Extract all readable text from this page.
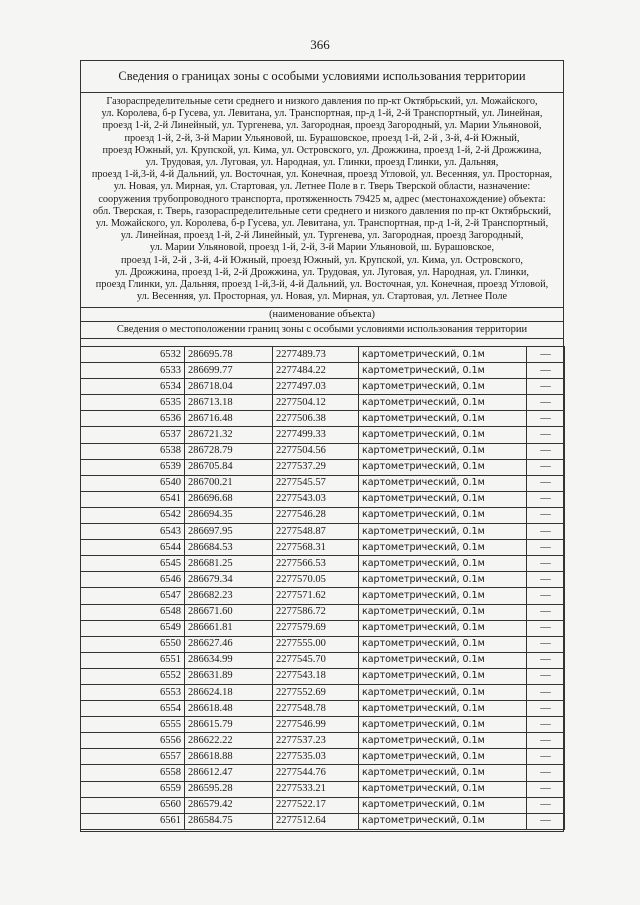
366
Сведения о границах зоны с особыми условиями использования территории
Газораспределительные сети среднего и низкого давления по пр-кт Октябрьский, ул. Можайского,
ул. Королева, б-р Гусева, ул. Левитана, ул. Транспортная, пр-д 1-й, 2-й Транспортный, ул. Линейная,
проезд 1-й, 2-й Линейный, ул. Тургенева, ул. Загородная, проезд Загородный, ул. Марии Ульяновой,
проезд 1-й, 2-й, 3-й Марии Ульяновой, ш. Бурашовское, проезд 1-й, 2-й , 3-й, 4-й Южный,
проезд Южный, ул. Крупской, ул. Кима, ул. Островского, ул. Дрожжина, проезд 1-й, 2-й Дрожжина,
ул. Трудовая, ул. Луговая, ул. Народная, ул. Глинки, проезд Глинки, ул. Дальняя,
проезд 1-й,3-й, 4-й Дальний, ул. Восточная, ул. Конечная, проезд Угловой, ул. Весенняя, ул. Просторная,
ул. Новая, ул. Мирная, ул. Стартовая, ул. Летнее Поле в г. Тверь Тверской области, назначение:
сооружения трубопроводного транспорта, протяженность 79425 м, адрес (местонахождение) объекта:
обл. Тверская, г. Тверь, газораспределительные сети среднего и низкого давления по пр-кт Октябрьский,
ул. Можайского, ул. Королева, б-р Гусева, ул. Левитана, ул. Транспортная, пр-д 1-й, 2-й Транспортный,
ул. Линейная, проезд 1-й, 2-й Линейный, ул. Тургенева, ул. Загородная, проезд Загородный,
ул. Марии Ульяновой, проезд 1-й, 2-й, 3-й Марии Ульяновой, ш. Бурашовское,
проезд 1-й, 2-й , 3-й, 4-й Южный, проезд Южный, ул. Крупской, ул. Кима, ул. Островского,
ул. Дрожжина, проезд 1-й, 2-й Дрожжина, ул. Трудовая, ул. Луговая, ул. Народная, ул. Глинки,
проезд Глинки, ул. Дальняя, проезд 1-й,3-й, 4-й Дальний, ул. Восточная, ул. Конечная, проезд Угловой,
ул. Весенняя, ул. Просторная, ул. Новая, ул. Мирная, ул. Стартовая, ул. Летнее Поле
(наименование объекта)
Сведения о местоположении границ зоны с особыми условиями использования территории
6532	286695.78	2277489.73	картометрический, 0.1м	—
6533	286699.77	2277484.22	картометрический, 0.1м	—
6534	286718.04	2277497.03	картометрический, 0.1м	—
6535	286713.18	2277504.12	картометрический, 0.1м	—
6536	286716.48	2277506.38	картометрический, 0.1м	—
6537	286721.32	2277499.33	картометрический, 0.1м	—
6538	286728.79	2277504.56	картометрический, 0.1м	—
6539	286705.84	2277537.29	картометрический, 0.1м	—
6540	286700.21	2277545.57	картометрический, 0.1м	—
6541	286696.68	2277543.03	картометрический, 0.1м	—
6542	286694.35	2277546.28	картометрический, 0.1м	—
6543	286697.95	2277548.87	картометрический, 0.1м	—
6544	286684.53	2277568.31	картометрический, 0.1м	—
6545	286681.25	2277566.53	картометрический, 0.1м	—
6546	286679.34	2277570.05	картометрический, 0.1м	—
6547	286682.23	2277571.62	картометрический, 0.1м	—
6548	286671.60	2277586.72	картометрический, 0.1м	—
6549	286661.81	2277579.69	картометрический, 0.1м	—
6550	286627.46	2277555.00	картометрический, 0.1м	—
6551	286634.99	2277545.70	картометрический, 0.1м	—
6552	286631.89	2277543.18	картометрический, 0.1м	—
6553	286624.18	2277552.69	картометрический, 0.1м	—
6554	286618.48	2277548.78	картометрический, 0.1м	—
6555	286615.79	2277546.99	картометрический, 0.1м	—
6556	286622.22	2277537.23	картометрический, 0.1м	—
6557	286618.88	2277535.03	картометрический, 0.1м	—
6558	286612.47	2277544.76	картометрический, 0.1м	—
6559	286595.28	2277533.21	картометрический, 0.1м	—
6560	286579.42	2277522.17	картометрический, 0.1м	—
6561	286584.75	2277512.64	картометрический, 0.1м	—
